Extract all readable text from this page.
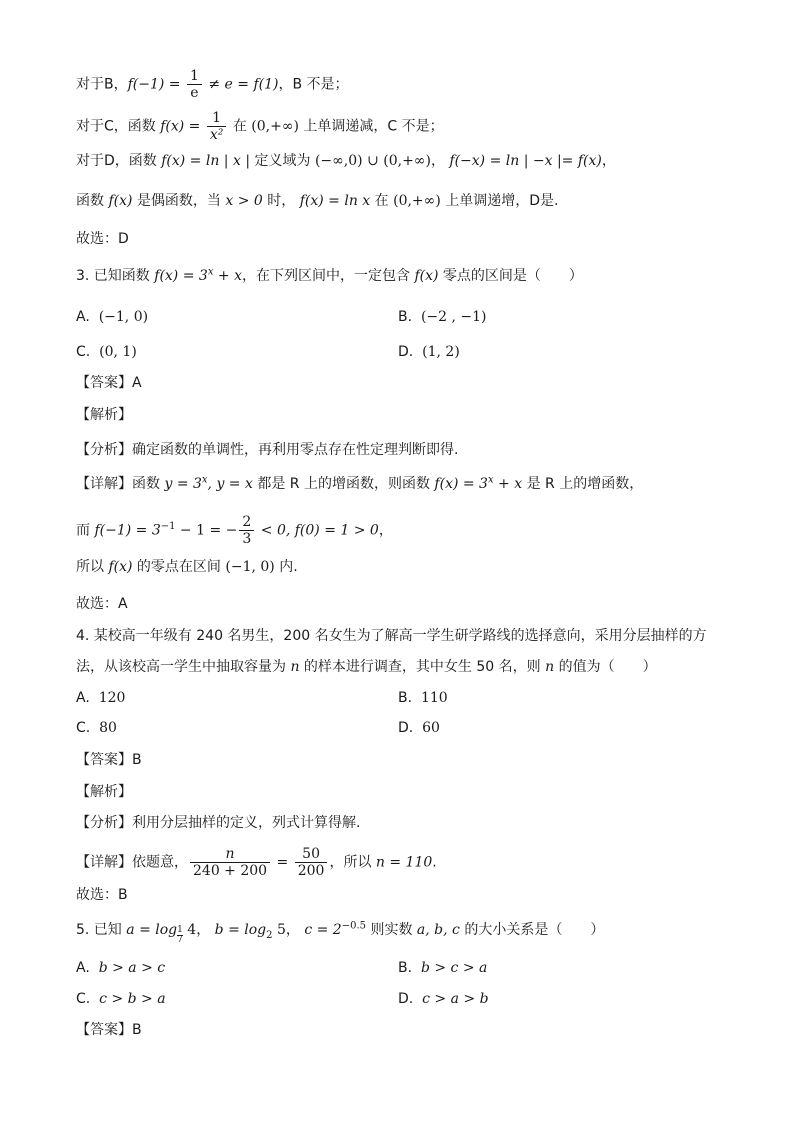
对于B，$f(-1) = \frac{1}{e} \ne e = f(1)$，B 不是；
对于C，函数 $f(x) = \frac{1}{\text{x²}}$ 在 (0,+∞) 上单调递减，C 不是；
对于D，函数 f(x) = ln | x | 定义域为 (−∞,0) ∪ (0,+∞)， f(−x) = ln | −x |= f(x)，
函数 f(x) 是偶函数，当 x > 0 时， f(x) = ln x 在 (0,+∞) 上单调递增，D是.
故选：D
3. 已知函数 $f(x) = 3^x + x$，在下列区间中，一定包含 f(x) 零点的区间是（　　）
A. (−1, 0)	B. (−2 , −1)
C. (0, 1)	D. (1, 2)
【答案】A
【解析】
【分析】确定函数的单调性，再利用零点存在性定理判断即得.
【详解】函数 $y = 3^x$, y = x 都是 R 上的增函数，则函数 $f(x) = 3^x + x$ 是 R 上的增函数，
而 $f(-1) = 3^{-1} - 1$ = − $\frac{2}{3} < 0$, f(0) = 1 > 0，
所以 f(x) 的零点在区间 (−1, 0) 内.
故选：A
4. 某校高一年级有 240 名男生，200 名女生为了解高一学生研学路线的选择意向，采用分层抽样的方
法，从该校高一学生中抽取容量为 n 的样本进行调查，其中女生 50 名，则 n 的值为（　　）
A. 120	B. 110
C. 80	D. 60
【答案】B
【解析】
【分析】利用分层抽样的定义，列式计算得解.
【详解】依题意， $\frac{n}{240 + 200} = \frac{50}{200}$ ，所以 n = 110.
故选：B
5. 已知 $a = \log \frac{1}{7} 4$， $b = \log_2 5$， $c = 2^{-0.5}$ 则实数 a, b, c 的大小关系是（　　）
A. b > a > c	B. b > c > a
C. c > b > a	D. c > a > b
【答案】B
